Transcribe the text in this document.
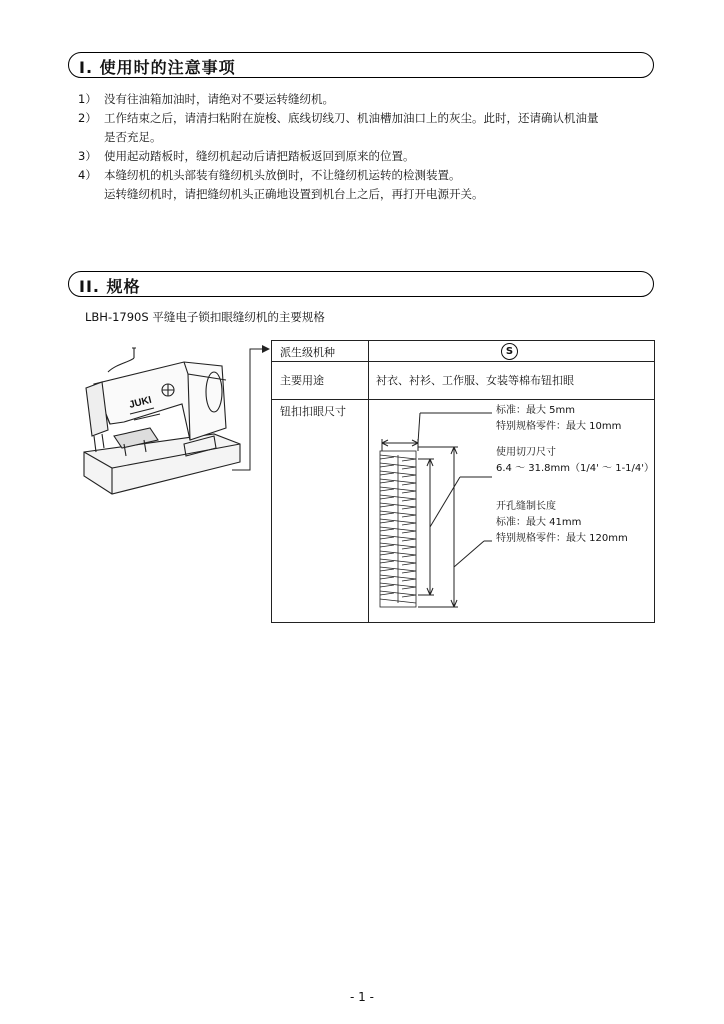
I. 使用时的注意事项
1） 没有往油箱加油时，请绝对不要运转缝纫机。
2） 工作结束之后，请清扫粘附在旋梭、底线切线刀、机油槽加油口上的灰尘。此时，还请确认机油量
是否充足。
3） 使用起动踏板时，缝纫机起动后请把踏板返回到原来的位置。
4） 本缝纫机的机头部装有缝纫机头放倒时，不让缝纫机运转的检测装置。
运转缝纫机时，请把缝纫机头正确地设置到机台上之后，再打开电源开关。
II. 规格
LBH-1790S 平缝电子锁扣眼缝纫机的主要规格
JUKI
派生级机种	S
主要用途	衬衣、衬衫、工作服、女装等棉布钮扣眼
钮扣扣眼尺寸	标准：最大 5mm
特别规格零件：最大 10mm
使用切刀尺寸
6.4 ～ 31.8mm（1/4' ～ 1-1/4'）
开孔缝制长度
标准：最大 41mm
特别规格零件：最大 120mm
- 1 -
